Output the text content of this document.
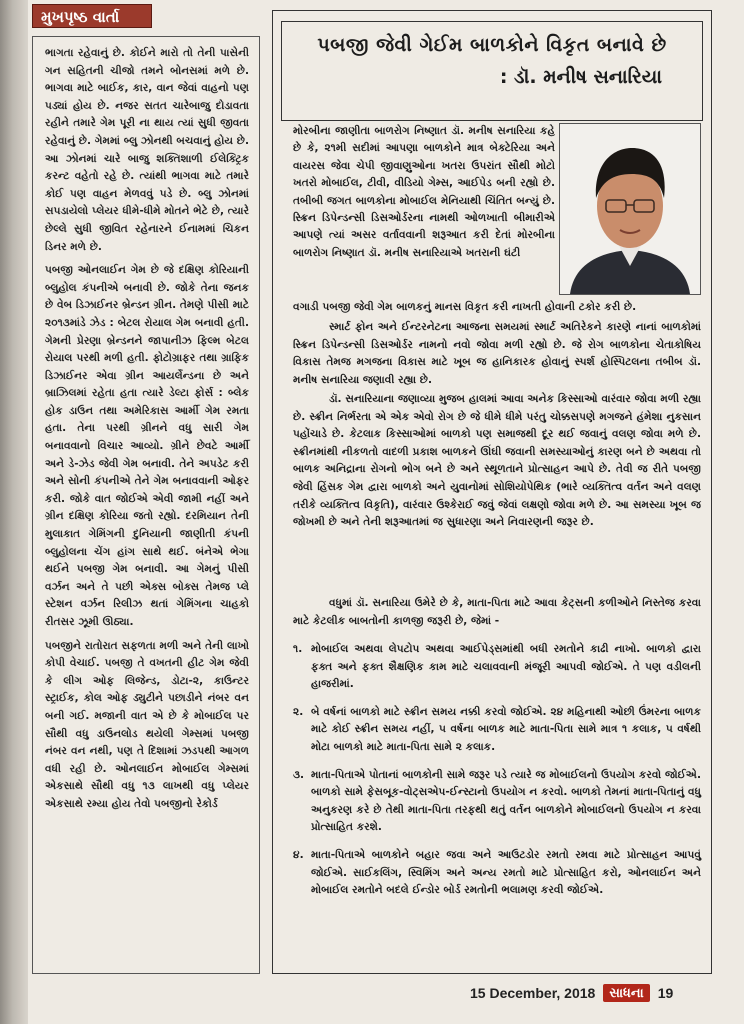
મુખપૃષ્ઠ વાર્તા

ભાગતા રહેવાનું છે. કોઈને મારો તો તેની પાસેની ગન સહિતની ચીજો તમને બોનસમાં મળે છે. ભાગવા માટે બાઈક, કાર, વાન જેવાં વાહનો પણ પડ્યાં હોય છે. નજર સતત ચારેબાજુ દોડાવતા રહીને તમારે ગેમ પૂરી ના થાય ત્યાં સુધી જીવતા રહેવાનું છે. ગેમમાં બ્લુ ઝોનથી બચવાનું હોય છે. આ ઝોનમાં ચારે બાજુ શક્તિશાળી ઈલેક્ટ્રિક કરન્ટ વહેતો રહે છે. ત્યાંથી ભાગવા માટે તમારે કોઈ પણ વાહન મેળવવું પડે છે. બ્લુ ઝોનમાં સપડાયેલો પ્લેયર ધીમે-ધીમે મોતને ભેટે છે, ત્યારે છેલ્લે સુધી જીવિત રહેનારને ઈનામમાં ચિકન ડિનર મળે છે.

પબજી ઓનલાઈન ગેમ છે જે દક્ષિણ કોરિયાની બ્લુહોલ કંપનીએ બનાવી છે. જોકે તેના જનક છે વેબ ડિઝાઈનર બ્રેન્ડન ગ્રીન. તેમણે પીસી માટે ૨૦૧૩માંડે ઝેડ : બેટલ રોયાલ ગેમ બનાવી હતી. ગેમની પ્રેરણા બ્રેન્ડનને જાપાનીઝ ફિલ્મ બેટલ રોયાલ પરથી મળી હતી. ફોટોગ્રાફર તથા ગ્રાફિક ડિઝાઈનર એવા ગ્રીન આયર્લેન્ડના છે અને બ્રાઝિલમાં રહેતા હતા ત્યારે ડેલ્ટા ફોર્સ : બ્લેક હોક ડાઉન તથા અમેરિકાસ આર્મી ગેમ રમતા હતા. તેના પરથી ગ્રીનને વધુ સારી ગેમ બનાવવાનો વિચાર આવ્યો. ગ્રીને છેવટે આર્મી અને ડે-ઝેડ જેવી ગેમ બનાવી. તેને અપડેટ કરી અને સોની કંપનીએ તેને ગેમ બનાવવાની ઓફર કરી. જોકે વાત જોઈએ એવી જામી નહીં અને ગ્રીન દક્ષિણ કોરિયા જતો રહ્યો. દરમિયાન તેની મુલાકાત ગેમિંગની દુનિયાની જાણીતી કંપની બ્લુહોલના ચેંગ હાંગ સાથે થઈ. બંનેએ ભેગા થઈને પબજી ગેમ બનાવી. આ ગેમનું પીસી વર્ઝન અને તે પછી એક્સ બોક્સ તેમજ પ્લે સ્ટેશન વર્ઝન રિલીઝ થતાં ગેમિંગના ચાહકો રીતસર ઝૂમી ઊઠ્યા.

પબજીને રાતોરાત સફળતા મળી અને તેની લાખો કોપી વેચાઈ. પબજી તે વખતની હીટ ગેમ જેવી કે લીગ ઓફ લિજેન્ડ, ડોટા-૨, કાઉન્ટર સ્ટ્રાઈક, કોલ ઓફ ડ્યુટીને પછાડીને નંબર વન બની ગઈ. મજાની વાત એ છે કે મોબાઈલ પર સૌથી વધુ ડાઉનલોડ થયેલી ગેમ્સમાં પબજી નંબર વન નથી, પણ તે દિશામાં ઝડપથી આગળ વધી રહી છે. ઓનલાઈન મોબાઈલ ગેમ્સમાં એકસાથે સૌથી વધુ ૧૩ લાખથી વધુ પ્લેયર એકસાથે રમ્યા હોય તેવો પબજીનો રેકોર્ડ

પબજી જેવી ગેઈમ બાળકોને વિકૃત બનાવે છે
: ડૉ. મનીષ સનારિયા
મોરબીના જાણીતા બાળરોગ નિષ્ણાત ડૉ. મનીષ સનારિયા કહે છે કે, ૨૧મી સદીમાં આપણા બાળકોને માત્ર બેક્ટેરિયા અને વાયરસ જેવા ચેપી જીવાણુઓના ખતરા ઉપરાંત સૌથી મોટો ખતરો મોબાઈલ, ટીવી, વીડિયો ગેમ્સ, આઈપેડ બની રહ્યો છે. તબીબી જગત બાળકોના મોબાઈલ મેનિયાથી ચિંતિત બન્યું છે. સ્ક્રિન ડિપેન્ડન્સી ડિસઓર્ડરના નામથી ઓળખાતી બીમારીએ આપણે ત્યાં અસર વર્તાવવાની શરૂઆત કરી દેતાં મોરબીના બાળરોગ નિષ્ણાત ડૉ. મનીષ સનારિયાએ ખતરાની ઘંટી
વગાડી પબજી જેવી ગેમ બાળકનું માનસ વિકૃત કરી નાખતી હોવાની ટકોર કરી છે.

સ્માર્ટ ફોન અને ઈન્ટરનેટના આજના સમયમાં સ્માર્ટ અતિરેકને કારણે નાનાં બાળકોમાં સ્ક્રિન ડિપેન્ડન્સી ડિસઓર્ડર નામનો નવો જોવા મળી રહ્યો છે. જે રોગ બાળકોના ચેતાકોષિય વિકાસ તેમજ મગજના વિકાસ માટે ખૂબ જ હાનિકારક હોવાનું સ્પર્શ હોસ્પિટલના તબીબ ડૉ. મનીષ સનારિયા જણાવી રહ્યા છે.

ડૉ. સનારિયાના જણાવ્યા મુજબ હાલમાં આવા અનેક કિસ્સાઓ વારંવાર જોવા મળી રહ્યા છે. સ્ક્રીન નિર્ભરતા એ એક એવો રોગ છે જે ધીમે ધીમે પરંતુ ચોક્કસપણે મગજને હંમેશા નુકસાન પહોંચાડે છે. કેટલાક કિસ્સાઓમાં બાળકો પણ સમાજથી દૂર થઈ જવાનું વલણ જોવા મળે છે. સ્ક્રીનમાંથી નીકળતો વાદળી પ્રકાશ બાળકને ઊંઘી જવાની સમસ્યાઓનું કારણ બને છે અથવા તો બાળક અનિદ્રાના રોગનો ભોગ બને છે અને સ્થૂળતાને પ્રોત્સાહન આપે છે. તેવી જ રીતે પબજી જેવી હિંસક ગેમ દ્વારા બાળકો અને યુવાનોમાં સોશિયોપેથિક (ભારે વ્યક્તિત્વ વર્તન અને વલણ તરીકે વ્યક્તિત્વ વિકૃતિ), વારંવાર ઉશ્કેરાઈ જવું જેવાં લક્ષણો જોવા મળે છે. આ સમસ્યા ખૂબ જ જોખમી છે અને તેની શરૂઆતમાં જ સુધારણા અને નિવારણની જરૂર છે.

વધુમાં ડૉ. સનારિયા ઉમેરે છે કે, માતા-પિતા માટે આવા કેટ્સની કળીઓને નિસ્તેજ કરવા માટે કેટલીક બાબતોની કાળજી જરૂરી છે, જેમાં -

૧. મોબાઈલ અથવા લેપટોપ અથવા આઈપેડ્સમાંથી બધી રમતોને કાઢી નાખો. બાળકો દ્વારા ફક્ત અને ફક્ત શૈક્ષણિક કામ માટે ચલાવવાની મંજૂરી આપવી જોઈએ. તે પણ વડીલની હાજરીમાં.
૨. બે વર્ષનાં બાળકો માટે સ્ક્રીન સમય નક્કી કરવો જોઈએ. ૨૪ મહિનાથી ઓછી ઉંમરના બાળક માટે કોઈ સ્ક્રીન સમય નહીં, ૫ વર્ષના બાળક માટે માતા-પિતા સામે માત્ર ૧ કલાક, ૫ વર્ષથી મોટા બાળકો માટે માતા-પિતા સામે ૨ કલાક.
૩. માતા-પિતાએ પોતાનાં બાળકોની સામે જરૂર પડે ત્યારે જ મોબાઈલનો ઉપયોગ કરવો જોઈએ. બાળકો સામે ફેસબૂક-વોટ્સએપ-ઈન્સ્ટાનો ઉપયોગ ન કરવો. બાળકો તેમનાં માતા-પિતાનું વધુ અનુકરણ કરે છે તેથી માતા-પિતા તરફથી થતું વર્તન બાળકોને મોબાઈલનો ઉપયોગ ન કરવા પ્રોત્સાહિત કરશે.
૪. માતા-પિતાએ બાળકોને બહાર જવા અને આઉટડોર રમતો રમવા માટે પ્રોત્સાહન આપવું જોઈએ. સાઈકલિંગ, સ્વિમિંગ અને અન્ય રમતો માટે પ્રોત્સાહિત કરો, ઓનલાઈન અને મોબાઈલ રમતોને બદલે ઈન્ડોર બોર્ડ રમતોની ભલામણ કરવી જોઈએ.
15 December, 2018	સાધના	19
